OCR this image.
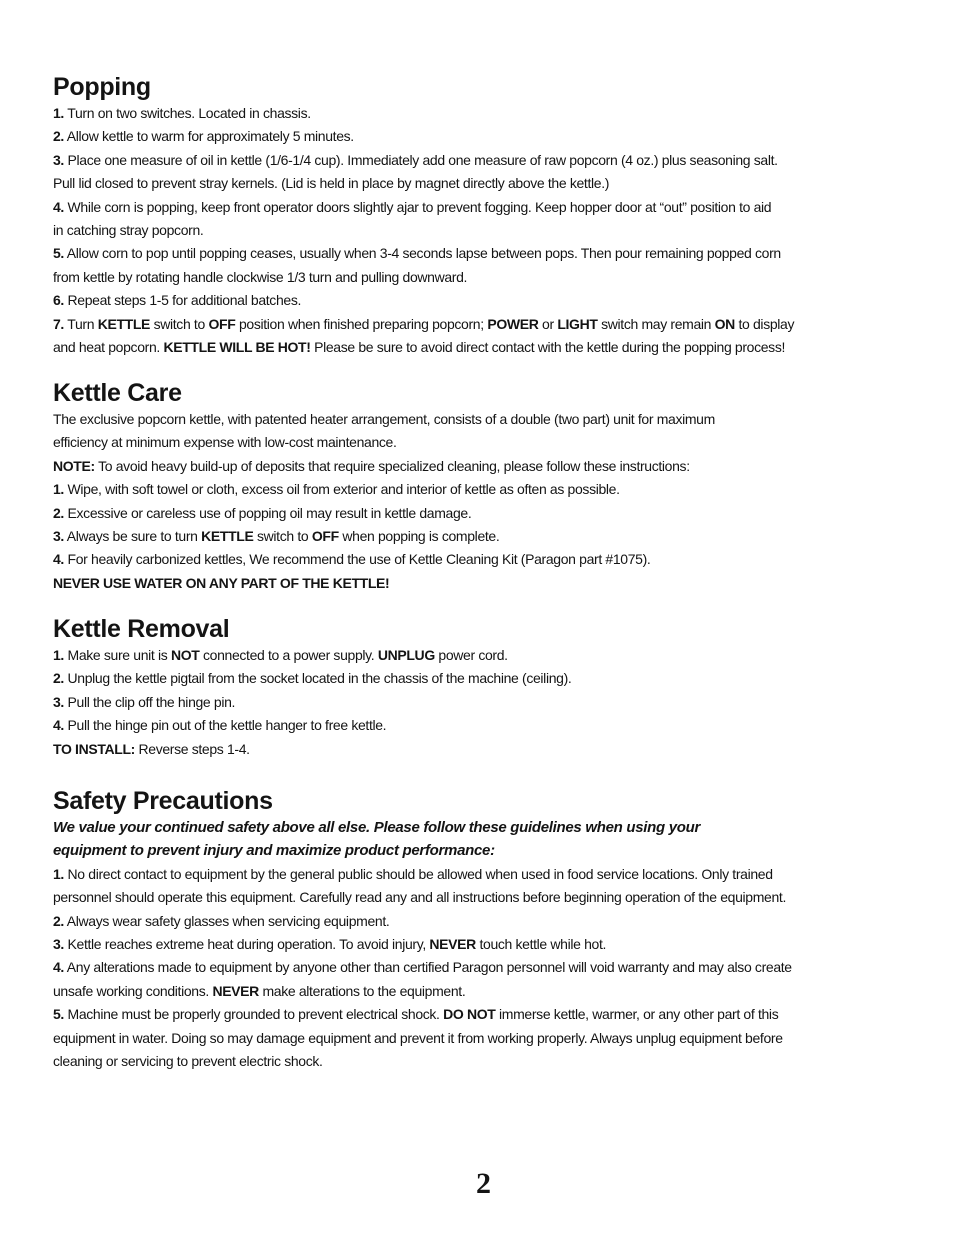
Popping
1. Turn on two switches. Located in chassis.
2. Allow kettle to warm for approximately 5 minutes.
3. Place one measure of oil in kettle (1/6-1/4 cup). Immediately add one measure of raw popcorn (4 oz.) plus seasoning salt.
Pull lid closed to prevent stray kernels. (Lid is held in place by magnet directly above the kettle.)
4. While corn is popping, keep front operator doors slightly ajar to prevent fogging. Keep hopper door at “out” position to aid
in catching stray popcorn.
5. Allow corn to pop until popping ceases, usually when 3-4 seconds lapse between pops. Then pour remaining popped corn
from kettle by rotating handle clockwise 1/3 turn and pulling downward.
6. Repeat steps 1-5 for additional batches.
7. Turn KETTLE switch to OFF position when finished preparing popcorn; POWER or LIGHT switch may remain ON to display
and heat popcorn. KETTLE WILL BE HOT! Please be sure to avoid direct contact with the kettle during the popping process!
Kettle Care
The exclusive popcorn kettle, with patented heater arrangement, consists of a double (two part) unit for maximum
efficiency at minimum expense with low-cost maintenance.
NOTE: To avoid heavy build-up of deposits that require specialized cleaning, please follow these instructions:
1. Wipe, with soft towel or cloth, excess oil from exterior and interior of kettle as often as possible.
2. Excessive or careless use of popping oil may result in kettle damage.
3. Always be sure to turn KETTLE switch to OFF when popping is complete.
4. For heavily carbonized kettles, We recommend the use of Kettle Cleaning Kit (Paragon part #1075).
NEVER USE WATER ON ANY PART OF THE KETTLE!
Kettle Removal
1. Make sure unit is NOT connected to a power supply. UNPLUG power cord.
2. Unplug the kettle pigtail from the socket located in the chassis of the machine (ceiling).
3. Pull the clip off the hinge pin.
4. Pull the hinge pin out of the kettle hanger to free kettle.
TO INSTALL: Reverse steps 1-4.
Safety Precautions
We value your continued safety above all else. Please follow these guidelines when using your
equipment to prevent injury and maximize product performance:
1. No direct contact to equipment by the general public should be allowed when used in food service locations. Only trained
personnel should operate this equipment. Carefully read any and all instructions before beginning operation of the equipment.
2. Always wear safety glasses when servicing equipment.
3. Kettle reaches extreme heat during operation. To avoid injury, NEVER touch kettle while hot.
4. Any alterations made to equipment by anyone other than certified Paragon personnel will void warranty and may also create
unsafe working conditions. NEVER make alterations to the equipment.
5. Machine must be properly grounded to prevent electrical shock. DO NOT immerse kettle, warmer, or any other part of this
equipment in water. Doing so may damage equipment and prevent it from working properly. Always unplug equipment before
cleaning or servicing to prevent electric shock.
2
